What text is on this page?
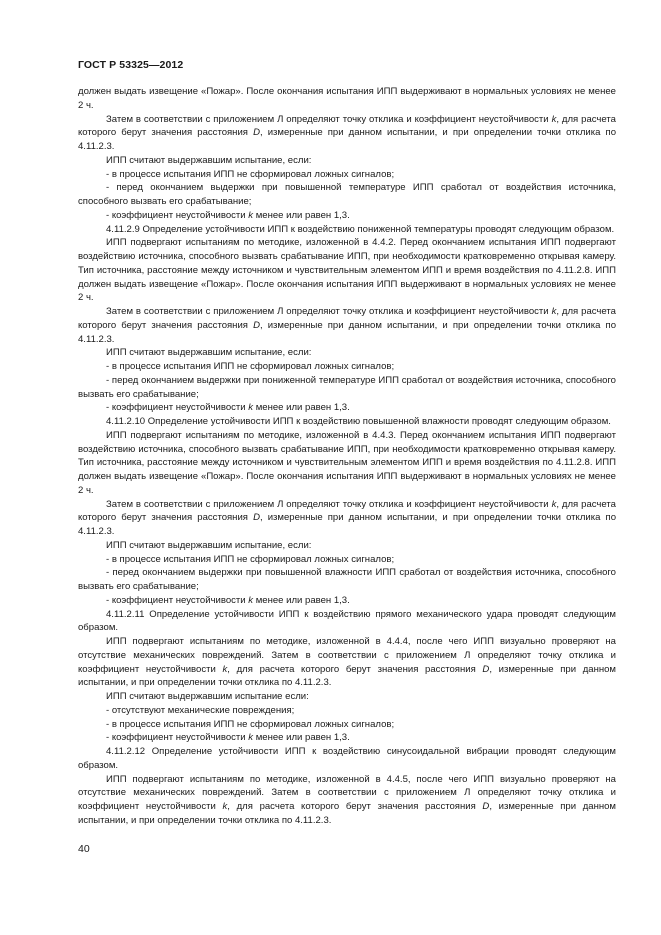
ГОСТ Р 53325—2012

должен выдать извещение «Пожар». После окончания испытания ИПП выдерживают в нормальных условиях не менее 2 ч.

Затем в соответствии с приложением Л определяют точку отклика и коэффициент неустойчивости k, для расчета которого берут значения расстояния D, измеренные при данном испытании, и при определении точки отклика по 4.11.2.3.

ИПП считают выдержавшим испытание, если:

- в процессе испытания ИПП не сформировал ложных сигналов;

- перед окончанием выдержки при повышенной температуре ИПП сработал от воздействия источника, способного вызвать его срабатывание;

- коэффициент неустойчивости k менее или равен 1,3.

4.11.2.9 Определение устойчивости ИПП к воздействию пониженной температуры проводят следующим образом.

ИПП подвергают испытаниям по методике, изложенной в 4.4.2. Перед окончанием испытания ИПП подвергают воздействию источника, способного вызвать срабатывание ИПП, при необходимости кратковременно открывая камеру. Тип источника, расстояние между источником и чувствительным элементом ИПП и время воздействия по 4.11.2.8. ИПП должен выдать извещение «Пожар». После окончания испытания ИПП выдерживают в нормальных условиях не менее 2 ч.

Затем в соответствии с приложением Л определяют точку отклика и коэффициент неустойчивости k, для расчета которого берут значения расстояния D, измеренные при данном испытании, и при определении точки отклика по 4.11.2.3.

ИПП считают выдержавшим испытание, если:

- в процессе испытания ИПП не сформировал ложных сигналов;

- перед окончанием выдержки при пониженной температуре ИПП сработал от воздействия источника, способного вызвать его срабатывание;

- коэффициент неустойчивости k менее или равен 1,3.

4.11.2.10 Определение устойчивости ИПП к воздействию повышенной влажности проводят следующим образом.

ИПП подвергают испытаниям по методике, изложенной в 4.4.3. Перед окончанием испытания ИПП подвергают воздействию источника, способного вызвать срабатывание ИПП, при необходимости кратковременно открывая камеру. Тип источника, расстояние между источником и чувствительным элементом ИПП и время воздействия по 4.11.2.8. ИПП должен выдать извещение «Пожар». После окончания испытания ИПП выдерживают в нормальных условиях не менее 2 ч.

Затем в соответствии с приложением Л определяют точку отклика и коэффициент неустойчивости k, для расчета которого берут значения расстояния D, измеренные при данном испытании, и при определении точки отклика по 4.11.2.3.

ИПП считают выдержавшим испытание, если:

- в процессе испытания ИПП не сформировал ложных сигналов;

- перед окончанием выдержки при повышенной влажности ИПП сработал от воздействия источника, способного вызвать его срабатывание;

- коэффициент неустойчивости k менее или равен 1,3.

4.11.2.11 Определение устойчивости ИПП к воздействию прямого механического удара проводят следующим образом.

ИПП подвергают испытаниям по методике, изложенной в 4.4.4, после чего ИПП визуально проверяют на отсутствие механических повреждений. Затем в соответствии с приложением Л определяют точку отклика и коэффициент неустойчивости k, для расчета которого берут значения расстояния D, измеренные при данном испытании, и при определении точки отклика по 4.11.2.3.

ИПП считают выдержавшим испытание если:

- отсутствуют механические повреждения;

- в процессе испытания ИПП не сформировал ложных сигналов;

- коэффициент неустойчивости k менее или равен 1,3.

4.11.2.12 Определение устойчивости ИПП к воздействию синусоидальной вибрации проводят следующим образом.

ИПП подвергают испытаниям по методике, изложенной в 4.4.5, после чего ИПП визуально проверяют на отсутствие механических повреждений. Затем в соответствии с приложением Л определяют точку отклика и коэффициент неустойчивости k, для расчета которого берут значения расстояния D, измеренные при данном испытании, и при определении точки отклика по 4.11.2.3.

40
